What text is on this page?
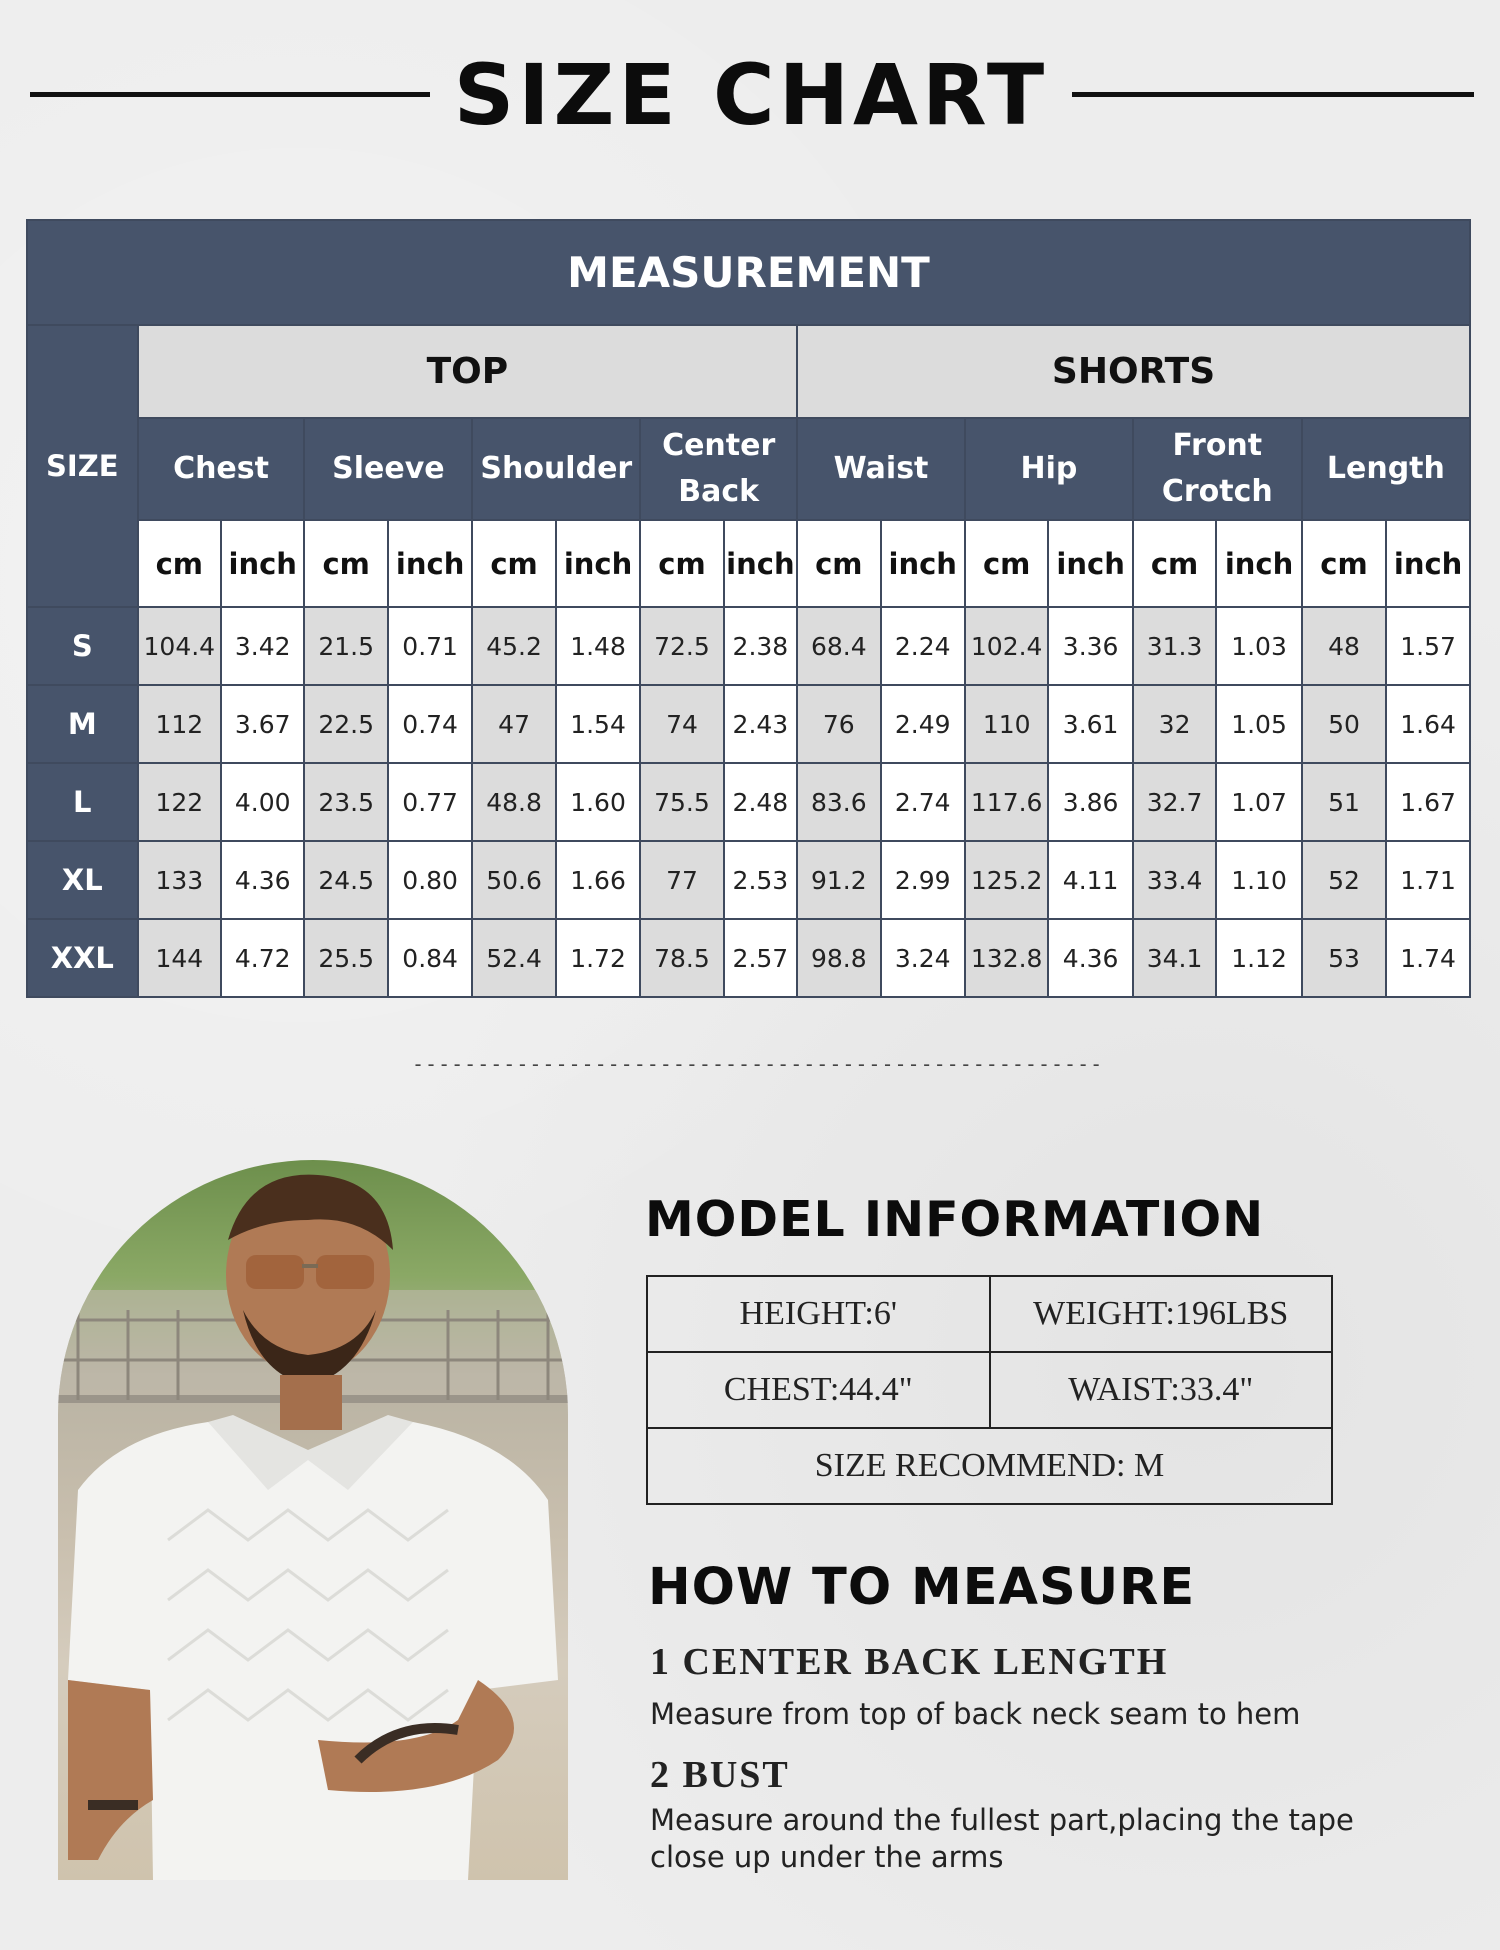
SIZE CHART
MEASUREMENT																
SIZE	TOP								SHORTS							
	Chest		Sleeve		Shoulder		Center Back		Waist		Hip		Front Crotch		Length	
	cm	inch	cm	inch	cm	inch	cm	inch	cm	inch	cm	inch	cm	inch	cm	inch
S	104.4	3.42	21.5	0.71	45.2	1.48	72.5	2.38	68.4	2.24	102.4	3.36	31.3	1.03	48	1.57
M	112	3.67	22.5	0.74	47	1.54	74	2.43	76	2.49	110	3.61	32	1.05	50	1.64
L	122	4.00	23.5	0.77	48.8	1.60	75.5	2.48	83.6	2.74	117.6	3.86	32.7	1.07	51	1.67
XL	133	4.36	24.5	0.80	50.6	1.66	77	2.53	91.2	2.99	125.2	4.11	33.4	1.10	52	1.71
XXL	144	4.72	25.5	0.84	52.4	1.72	78.5	2.57	98.8	3.24	132.8	4.36	34.1	1.12	53	1.74
-----------------------------------------------------
MODEL INFORMATION
HEIGHT:6'	WEIGHT:196LBS
CHEST:44.4"	WAIST:33.4"
SIZE RECOMMEND: M	
HOW TO MEASURE
1 CENTER BACK LENGTH
Measure from top of back neck seam to hem
2 BUST
Measure around the fullest part,placing the tape close up under the arms
